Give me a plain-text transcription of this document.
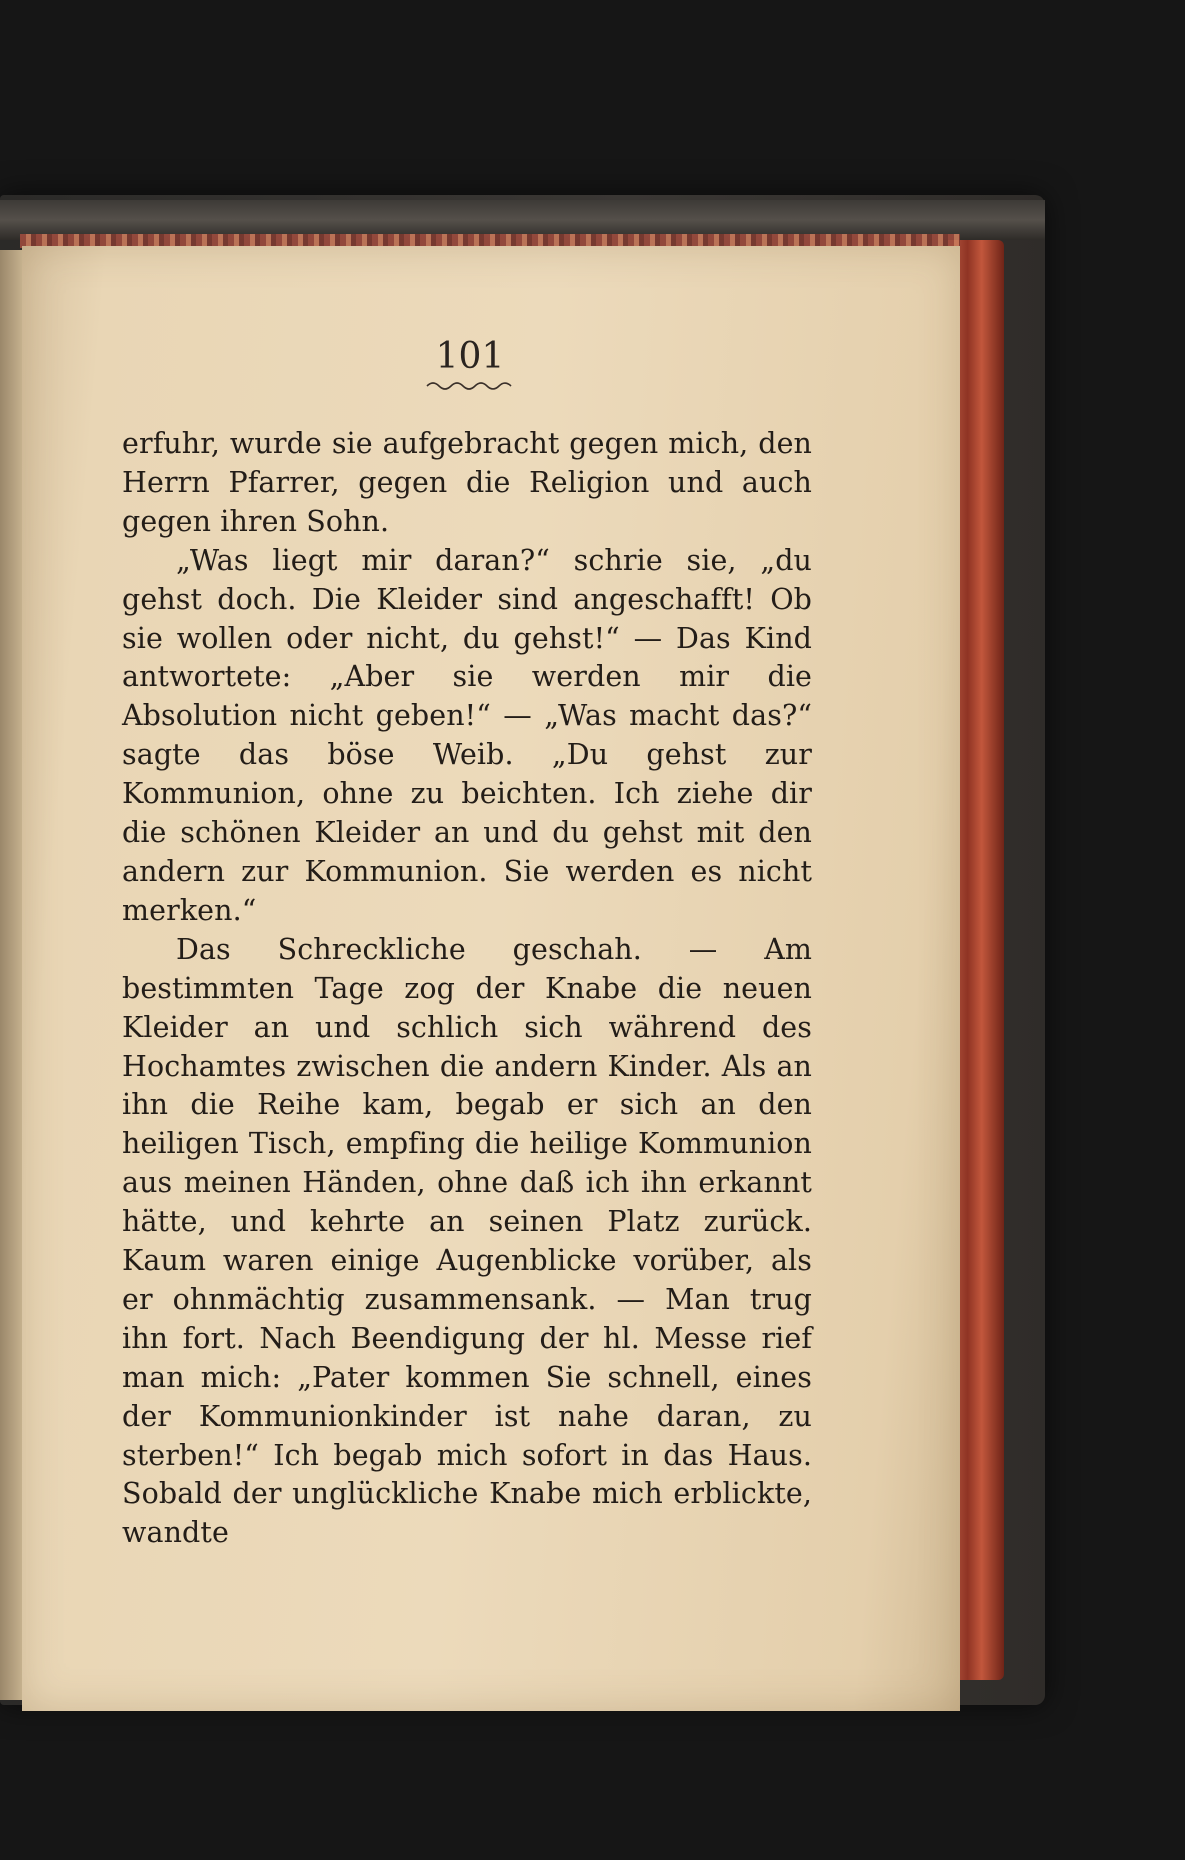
101

erfuhr, wurde sie aufgebracht gegen mich, den Herrn Pfarrer, gegen die Religion und auch gegen ihren Sohn.

„Was liegt mir daran?“ schrie sie, „du gehst doch. Die Kleider sind angeschafft! Ob sie wollen oder nicht, du gehst!“ — Das Kind antwortete: „Aber sie werden mir die Absolution nicht geben!“ — „Was macht das?“ sagte das böse Weib. „Du gehst zur Kommunion, ohne zu beichten. Ich ziehe dir die schönen Kleider an und du gehst mit den andern zur Kommunion. Sie werden es nicht merken.“

Das Schreckliche geschah. — Am bestimmten Tage zog der Knabe die neuen Kleider an und schlich sich während des Hochamtes zwischen die andern Kinder. Als an ihn die Reihe kam, begab er sich an den heiligen Tisch, empfing die heilige Kommunion aus meinen Händen, ohne daß ich ihn erkannt hätte, und kehrte an seinen Platz zurück. Kaum waren einige Augenblicke vorüber, als er ohnmächtig zusammensank. — Man trug ihn fort. Nach Beendigung der hl. Messe rief man mich: „Pater kommen Sie schnell, eines der Kommunionkinder ist nahe daran, zu sterben!“ Ich begab mich sofort in das Haus. Sobald der unglückliche Knabe mich erblickte, wandte
